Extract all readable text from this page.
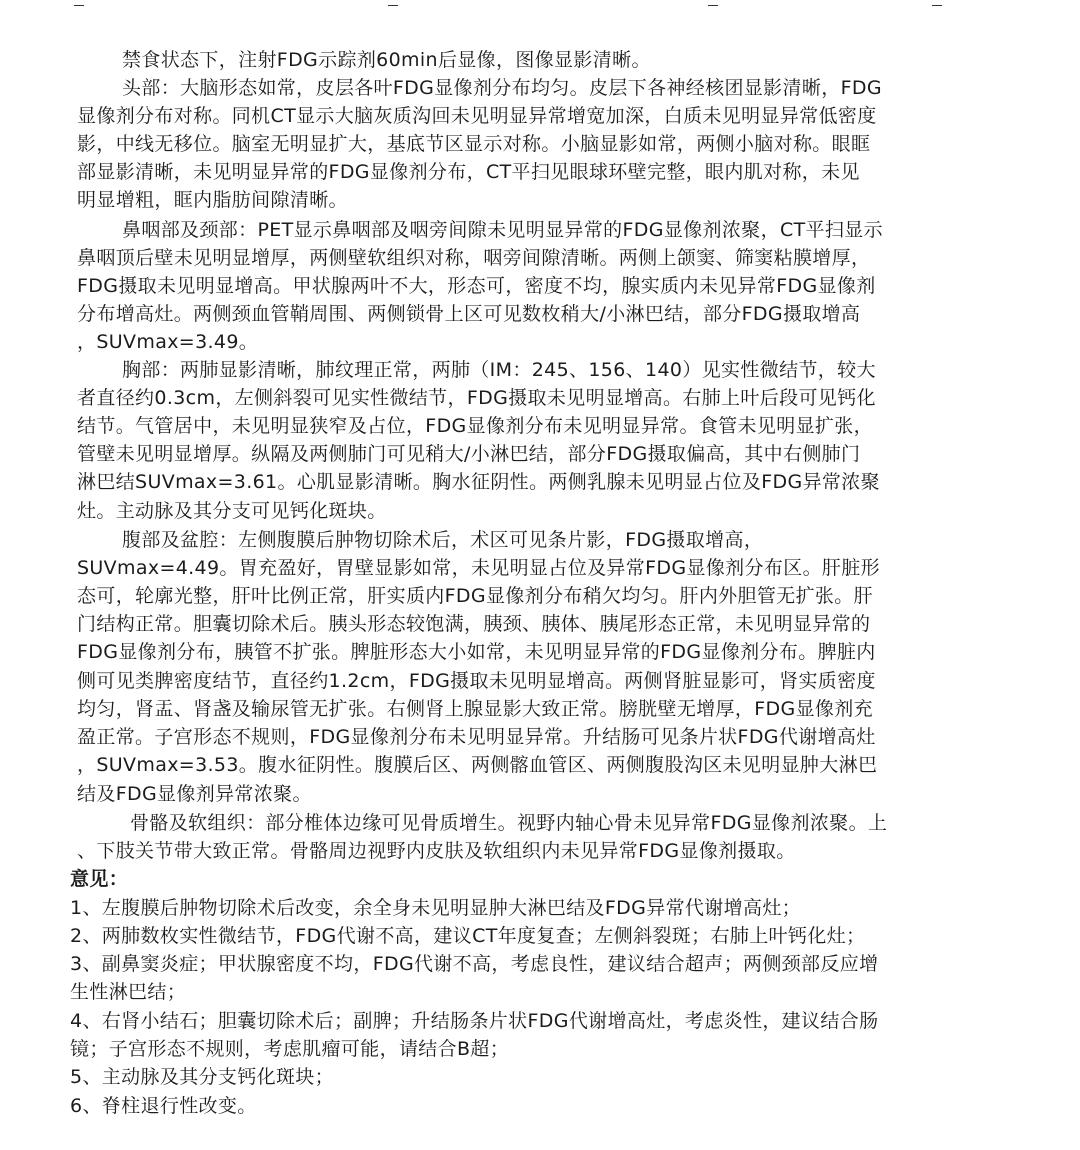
禁食状态下，注射FDG示踪剂60min后显像，图像显影清晰。
头部：大脑形态如常，皮层各叶FDG显像剂分布均匀。皮层下各神经核团显影清晰，FDG
显像剂分布对称。同机CT显示大脑灰质沟回未见明显异常增宽加深，白质未见明显异常低密度
影，中线无移位。脑室无明显扩大，基底节区显示对称。小脑显影如常，两侧小脑对称。眼眶
部显影清晰，未见明显异常的FDG显像剂分布，CT平扫见眼球环壁完整，眼内肌对称，未见
明显增粗，眶内脂肪间隙清晰。
鼻咽部及颈部：PET显示鼻咽部及咽旁间隙未见明显异常的FDG显像剂浓聚，CT平扫显示
鼻咽顶后壁未见明显增厚，两侧壁软组织对称，咽旁间隙清晰。两侧上颌窦、筛窦粘膜增厚，
FDG摄取未见明显增高。甲状腺两叶不大，形态可，密度不均，腺实质内未见异常FDG显像剂
分布增高灶。两侧颈血管鞘周围、两侧锁骨上区可见数枚稍大/小淋巴结，部分FDG摄取增高
，SUVmax=3.49。
胸部：两肺显影清晰，肺纹理正常，两肺（IM：245、156、140）见实性微结节，较大
者直径约0.3cm，左侧斜裂可见实性微结节，FDG摄取未见明显增高。右肺上叶后段可见钙化
结节。气管居中，未见明显狭窄及占位，FDG显像剂分布未见明显异常。食管未见明显扩张，
管壁未见明显增厚。纵隔及两侧肺门可见稍大/小淋巴结，部分FDG摄取偏高，其中右侧肺门
淋巴结SUVmax=3.61。心肌显影清晰。胸水征阴性。两侧乳腺未见明显占位及FDG异常浓聚
灶。主动脉及其分支可见钙化斑块。
腹部及盆腔：左侧腹膜后肿物切除术后，术区可见条片影，FDG摄取增高，
SUVmax=4.49。胃充盈好，胃壁显影如常，未见明显占位及异常FDG显像剂分布区。肝脏形
态可，轮廓光整，肝叶比例正常，肝实质内FDG显像剂分布稍欠均匀。肝内外胆管无扩张。肝
门结构正常。胆囊切除术后。胰头形态较饱满，胰颈、胰体、胰尾形态正常，未见明显异常的
FDG显像剂分布，胰管不扩张。脾脏形态大小如常，未见明显异常的FDG显像剂分布。脾脏内
侧可见类脾密度结节，直径约1.2cm，FDG摄取未见明显增高。两侧肾脏显影可，肾实质密度
均匀，肾盂、肾盏及输尿管无扩张。右侧肾上腺显影大致正常。膀胱壁无增厚，FDG显像剂充
盈正常。子宫形态不规则，FDG显像剂分布未见明显异常。升结肠可见条片状FDG代谢增高灶
，SUVmax=3.53。腹水征阴性。腹膜后区、两侧髂血管区、两侧腹股沟区未见明显肿大淋巴
结及FDG显像剂异常浓聚。
骨骼及软组织：部分椎体边缘可见骨质增生。视野内轴心骨未见异常FDG显像剂浓聚。上
、下肢关节带大致正常。骨骼周边视野内皮肤及软组织内未见异常FDG显像剂摄取。
意见：
1、左腹膜后肿物切除术后改变，余全身未见明显肿大淋巴结及FDG异常代谢增高灶；
2、两肺数枚实性微结节，FDG代谢不高，建议CT年度复查；左侧斜裂斑；右肺上叶钙化灶；
3、副鼻窦炎症；甲状腺密度不均，FDG代谢不高，考虑良性，建议结合超声；两侧颈部反应增
生性淋巴结；
4、右肾小结石；胆囊切除术后；副脾；升结肠条片状FDG代谢增高灶，考虑炎性，建议结合肠
镜；子宫形态不规则，考虑肌瘤可能，请结合B超；
5、主动脉及其分支钙化斑块；
6、脊柱退行性改变。
